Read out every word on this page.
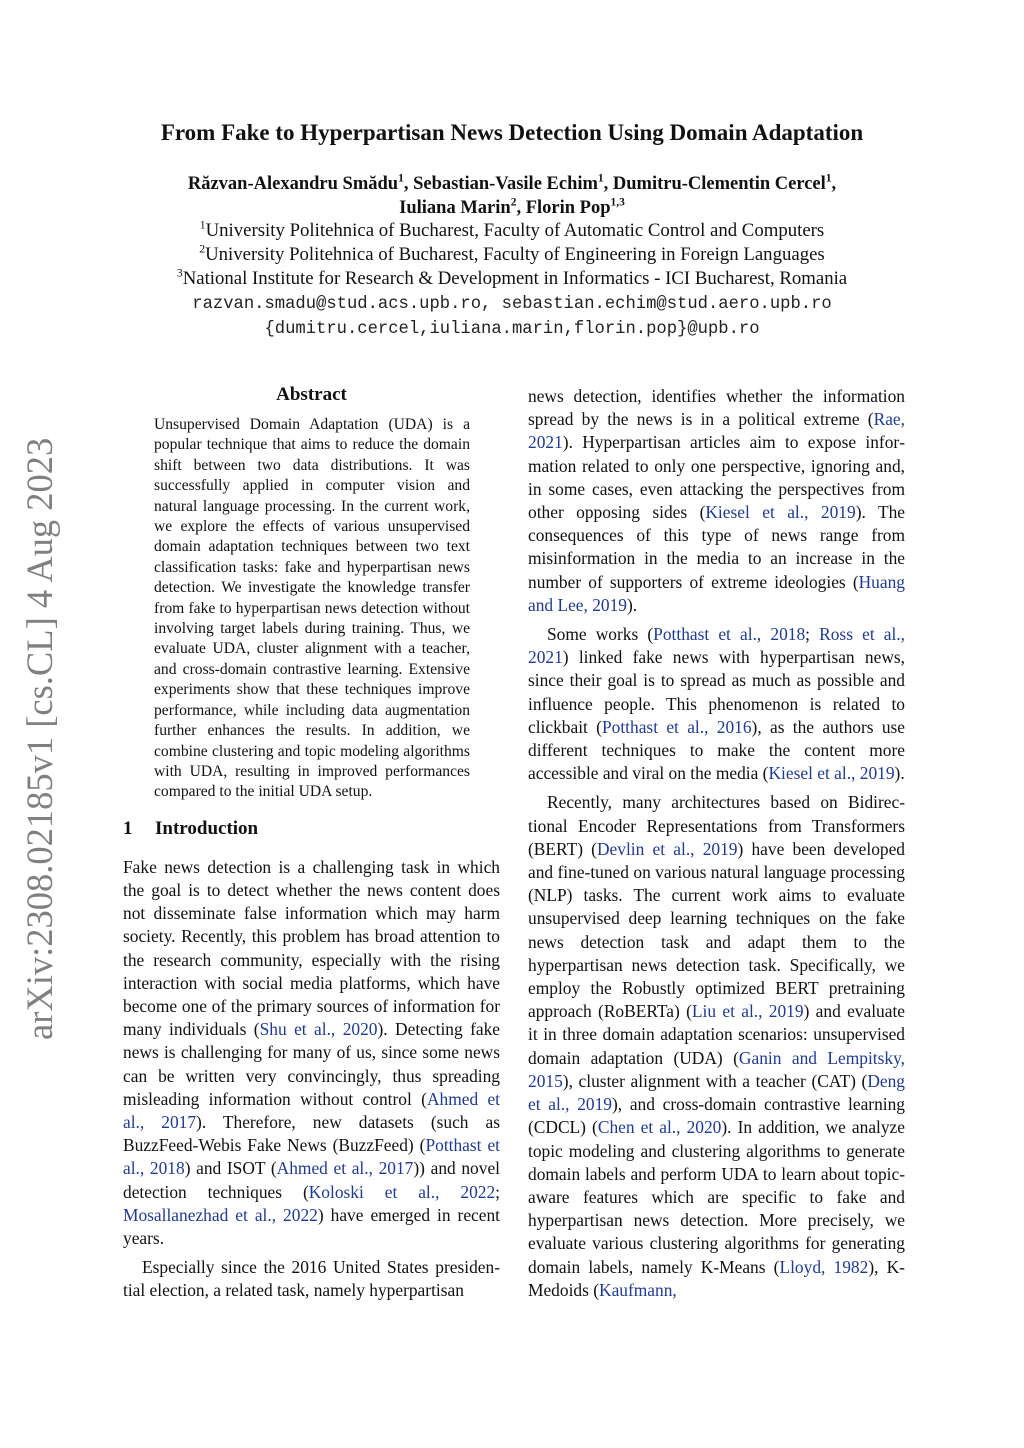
arXiv:2308.02185v1 [cs.CL] 4 Aug 2023
From Fake to Hyperpartisan News Detection Using Domain Adaptation
Răzvan-Alexandru Smădu$^1$, Sebastian-Vasile Echim$^1$, Dumitru-Clementin Cercel$^1$,
Iuliana Marin$^2$, Florin Pop$^{1,3}$
$^1$University Politehnica of Bucharest, Faculty of Automatic Control and Computers
$^2$University Politehnica of Bucharest, Faculty of Engineering in Foreign Languages
$^3$National Institute for Research & Development in Informatics - ICI Bucharest, Romania
razvan.smadu@stud.acs.upb.ro, sebastian.echim@stud.aero.upb.ro
{dumitru.cercel,iuliana.marin,florin.pop}@upb.ro
Abstract
Unsupervised Domain Adaptation (UDA) is a popular technique that aims to reduce the domain shift between two data distributions. It was successfully applied in computer vision and natural language processing. In the current work, we explore the effects of various unsupervised domain adaptation techniques between two text classification tasks: fake and hyperpartisan news detection. We investigate the knowledge transfer from fake to hyperpartisan news detection without involving target labels during training. Thus, we evaluate UDA, cluster alignment with a teacher, and cross-domain contrastive learning. Extensive experiments show that these techniques improve performance, while including data augmentation further enhances the results. In addition, we combine clustering and topic modeling algorithms with UDA, resulting in improved performances compared to the initial UDA setup.
1 Introduction

Fake news detection is a challenging task in which the goal is to detect whether the news content does not disseminate false information which may harm society. Recently, this problem has broad attention to the research community, especially with the rising interaction with social media platforms, which have become one of the primary sources of information for many individuals (Shu et al., 2020). Detecting fake news is challenging for many of us, since some news can be written very convincingly, thus spreading misleading information without control (Ahmed et al., 2017). Therefore, new datasets (such as BuzzFeed-Webis Fake News (BuzzFeed) (Potthast et al., 2018) and ISOT (Ahmed et al., 2017)) and novel detection techniques (Koloski et al., 2022; Mosallanezhad et al., 2022) have emerged in recent years.

Especially since the 2016 United States presidential election, a related task, namely hyperpartisan

news detection, identifies whether the information spread by the news is in a political extreme (Rae, 2021). Hyperpartisan articles aim to expose information related to only one perspective, ignoring and, in some cases, even attacking the perspectives from other opposing sides (Kiesel et al., 2019). The consequences of this type of news range from misinformation in the media to an increase in the number of supporters of extreme ideologies (Huang and Lee, 2019).

Some works (Potthast et al., 2018; Ross et al., 2021) linked fake news with hyperpartisan news, since their goal is to spread as much as possible and influence people. This phenomenon is related to clickbait (Potthast et al., 2016), as the authors use different techniques to make the content more accessible and viral on the media (Kiesel et al., 2019).

Recently, many architectures based on Bidirectional Encoder Representations from Transformers (BERT) (Devlin et al., 2019) have been developed and fine-tuned on various natural language processing (NLP) tasks. The current work aims to evaluate unsupervised deep learning techniques on the fake news detection task and adapt them to the hyperpartisan news detection task. Specifically, we employ the Robustly optimized BERT pretraining approach (RoBERTa) (Liu et al., 2019) and evaluate it in three domain adaptation scenarios: unsupervised domain adaptation (UDA) (Ganin and Lempitsky, 2015), cluster alignment with a teacher (CAT) (Deng et al., 2019), and cross-domain contrastive learning (CDCL) (Chen et al., 2020). In addition, we analyze topic modeling and clustering algorithms to generate domain labels and perform UDA to learn about topic-aware features which are specific to fake and hyperpartisan news detection. More precisely, we evaluate various clustering algorithms for generating domain labels, namely K-Means (Lloyd, 1982), K-Medoids (Kaufmann,
